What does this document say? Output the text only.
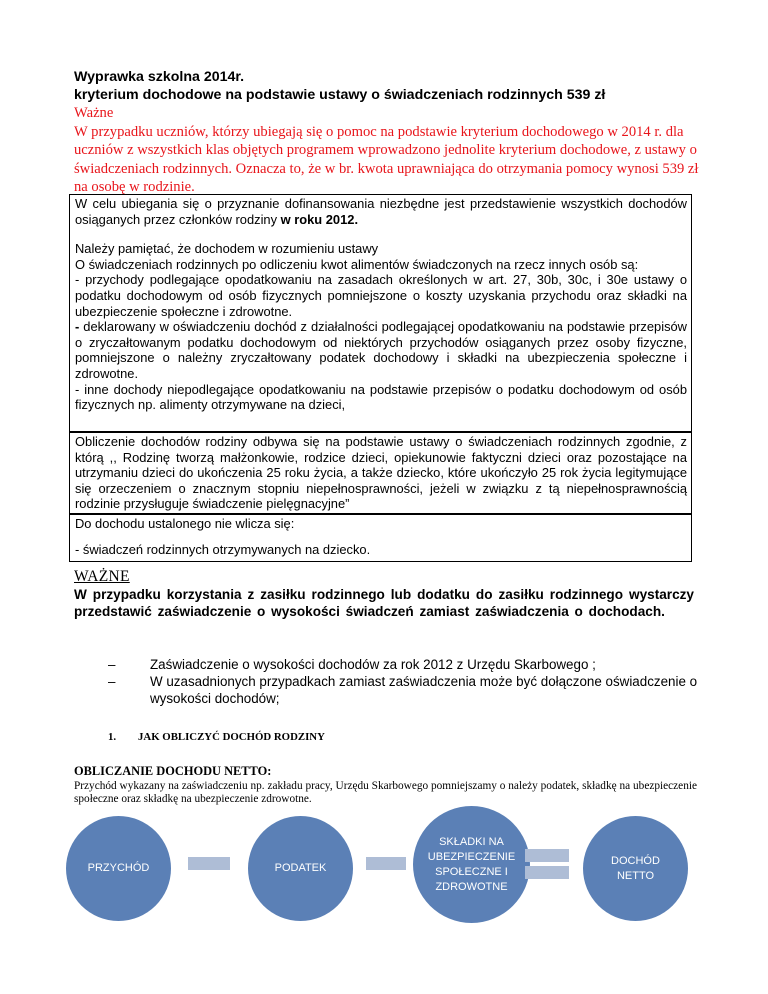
Wyprawka szkolna 2014r.
kryterium dochodowe na podstawie ustawy o świadczeniach rodzinnych 539 zł
Ważne
W przypadku uczniów, którzy ubiegają się o pomoc na podstawie kryterium dochodowego w 2014 r. dla uczniów z wszystkich klas objętych programem wprowadzono jednolite kryterium dochodowe, z ustawy o świadczeniach rodzinnych. Oznacza to, że w br. kwota uprawniająca do otrzymania pomocy wynosi 539 zł na osobę w rodzinie.

W celu ubiegania się o przyznanie dofinansowania niezbędne jest przedstawienie wszystkich dochodów osiąganych przez członków rodziny w roku 2012.

Należy pamiętać, że dochodem w rozumieniu ustawy

O świadczeniach rodzinnych po odliczeniu kwot alimentów świadczonych na rzecz innych osób są:

- przychody podlegające opodatkowaniu na zasadach określonych w art. 27, 30b, 30c, i 30e ustawy o podatku dochodowym od osób fizycznych pomniejszone o koszty uzyskania przychodu oraz składki na ubezpieczenie społeczne i zdrowotne.

- deklarowany w oświadczeniu dochód z działalności podlegającej opodatkowaniu na podstawie przepisów o zryczałtowanym podatku dochodowym od niektórych przychodów osiąganych przez osoby fizyczne, pomniejszone o należny zryczałtowany podatek dochodowy i składki na ubezpieczenia społeczne i zdrowotne.

- inne dochody niepodlegające opodatkowaniu na podstawie przepisów o podatku dochodowym od osób fizycznych np. alimenty otrzymywane na dzieci,

Obliczenie dochodów rodziny odbywa się na podstawie ustawy o świadczeniach rodzinnych zgodnie, z którą ,, Rodzinę tworzą małżonkowie, rodzice dzieci, opiekunowie faktyczni dzieci oraz pozostające na utrzymaniu dzieci do ukończenia 25 roku życia, a także dziecko, które ukończyło 25 rok życia legitymujące się orzeczeniem o znacznym stopniu niepełnosprawności, jeżeli w związku z tą niepełnosprawnością rodzinie przysługuje świadczenie pielęgnacyjne”

Do dochodu ustalonego nie wlicza się:

- świadczeń rodzinnych otrzymywanych na dziecko.

WAŻNE
W przypadku korzystania z zasiłku rodzinnego lub dodatku do zasiłku rodzinnego wystarczy przedstawić zaświadczenie o wysokości świadczeń zamiast zaświadczenia o dochodach.
–	Zaświadczenie o wysokości dochodów za rok 2012 z Urzędu Skarbowego ;
–	W uzasadnionych przypadkach zamiast zaświadczenia może być dołączone oświadczenie o wysokości dochodów;
1. JAK OBLICZYĆ DOCHÓD RODZINY
OBLICZANIE DOCHODU NETTO:
Przychód wykazany na zaświadczeniu np. zakładu pracy, Urzędu Skarbowego pomniejszamy o należy podatek, składkę na ubezpieczenie społeczne oraz składkę na ubezpieczenie zdrowotne.
PRZYCHÓD	PODATEK
SKŁADKI NA
UBEZPIECZENIE
SPOŁECZNE I
ZDROWOTNE
DOCHÓD
NETTO
